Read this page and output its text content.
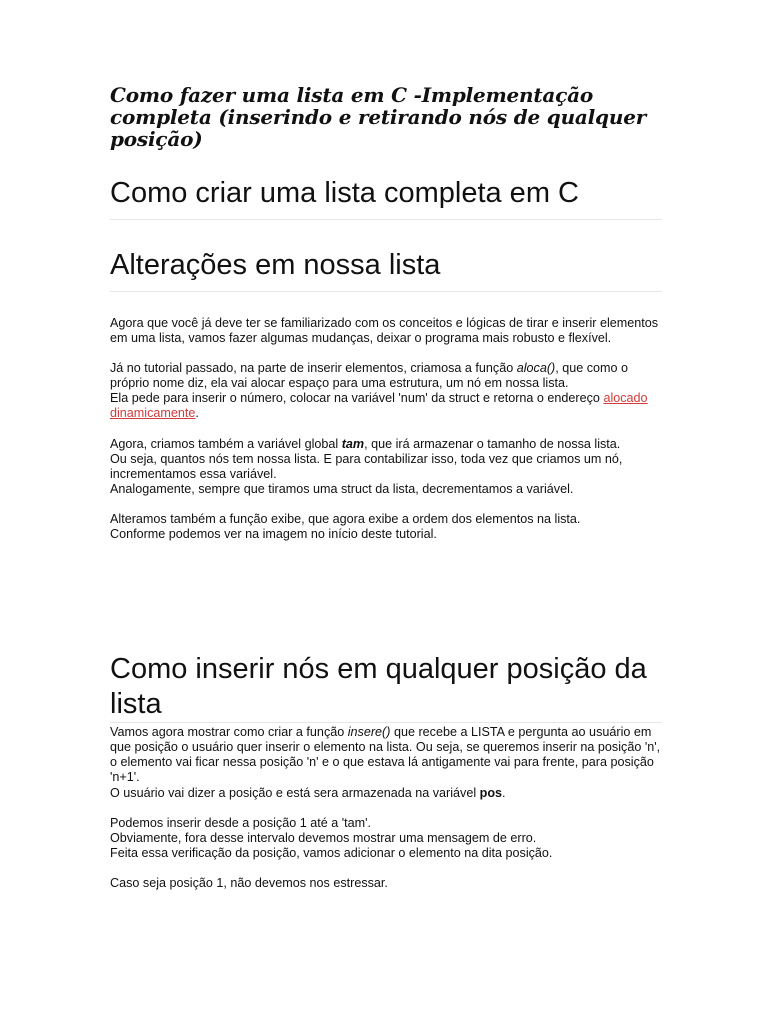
Como fazer uma lista em C -Implementação completa (inserindo e retirando nós de qualquer posição)
Como criar uma lista completa em C
Alterações em nossa lista

Agora que você já deve ter se familiarizado com os conceitos e lógicas de tirar e inserir elementos em uma lista, vamos fazer algumas mudanças, deixar o programa mais robusto e flexível.

Já no tutorial passado, na parte de inserir elementos, criamosa a função aloca(), que como o próprio nome diz, ela vai alocar espaço para uma estrutura, um nó em nossa lista.

Ela pede para inserir o número, colocar na variável 'num' da struct e retorna o endereço alocado dinamicamente.

Agora, criamos também a variável global tam, que irá armazenar o tamanho de nossa lista.

Ou seja, quantos nós tem nossa lista. E para contabilizar isso, toda vez que criamos um nó, incrementamos essa variável.

Analogamente, sempre que tiramos uma struct da lista, decrementamos a variável.

Alteramos também a função exibe, que agora exibe a ordem dos elementos na lista.

Conforme podemos ver na imagem no início deste tutorial.

Como inserir nós em qualquer posição da lista

Vamos agora mostrar como criar a função insere() que recebe a LISTA e pergunta ao usuário em que posição o usuário quer inserir o elemento na lista. Ou seja, se queremos inserir na posição 'n', o elemento vai ficar nessa posição 'n' e o que estava lá antigamente vai para frente, para posição 'n+1'.

O usuário vai dizer a posição e está sera armazenada na variável pos.

Podemos inserir desde a posição 1 até a 'tam'.

Obviamente, fora desse intervalo devemos mostrar uma mensagem de erro.

Feita essa verificação da posição, vamos adicionar o elemento na dita posição.

Caso seja posição 1, não devemos nos estressar.
